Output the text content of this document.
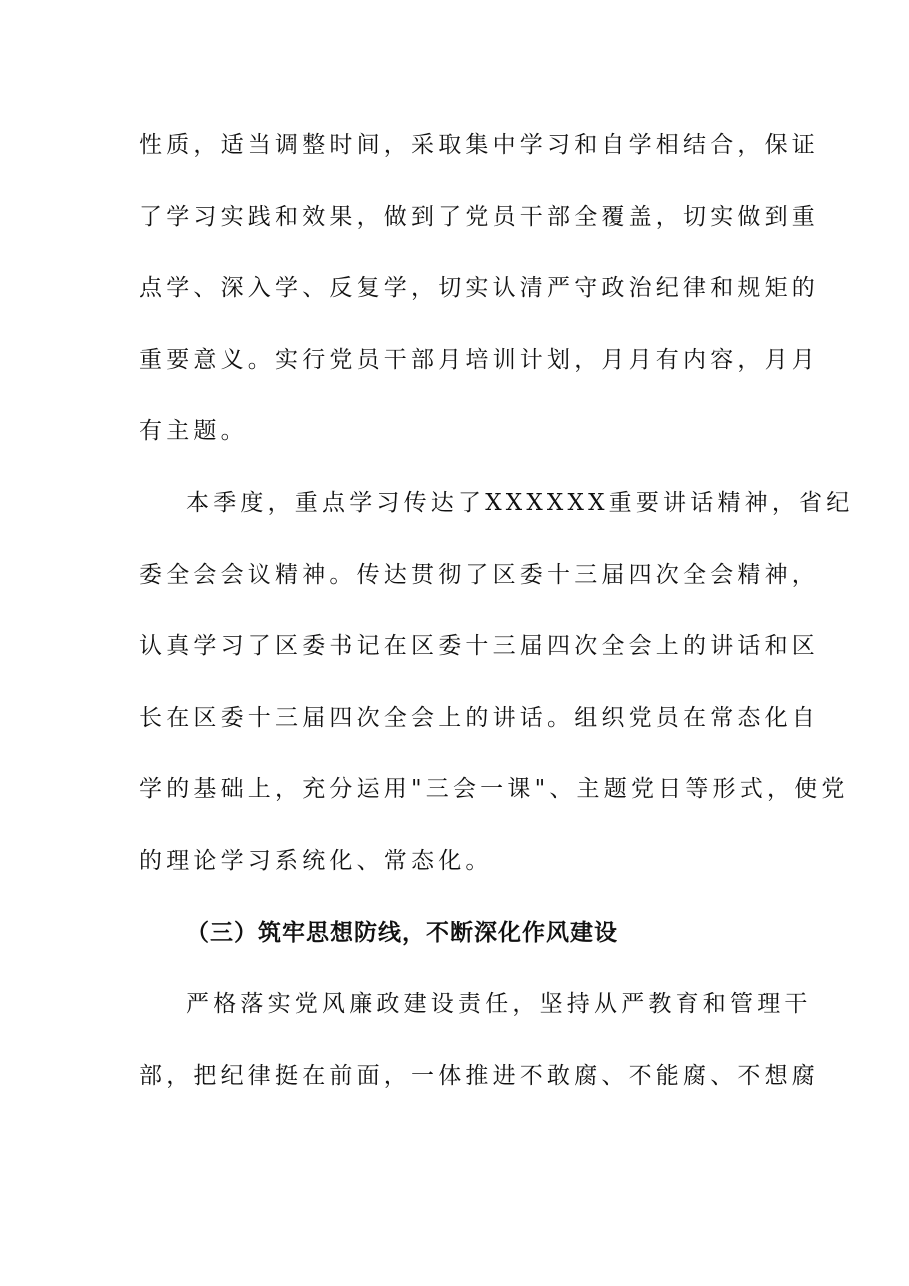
性质，适当调整时间，采取集中学习和自学相结合，保证
了学习实践和效果，做到了党员干部全覆盖，切实做到重
点学、深入学、反复学，切实认清严守政治纪律和规矩的
重要意义。实行党员干部月培训计划，月月有内容，月月
有主题。
本季度，重点学习传达了XXXXXX重要讲话精神，省纪
委全会会议精神。传达贯彻了区委十三届四次全会精神，
认真学习了区委书记在区委十三届四次全会上的讲话和区
长在区委十三届四次全会上的讲话。组织党员在常态化自
学的基础上，充分运用"三会一课"、主题党日等形式，使党
的理论学习系统化、常态化。
（三）筑牢思想防线，不断深化作风建设
严格落实党风廉政建设责任，坚持从严教育和管理干
部，把纪律挺在前面，一体推进不敢腐、不能腐、不想腐
